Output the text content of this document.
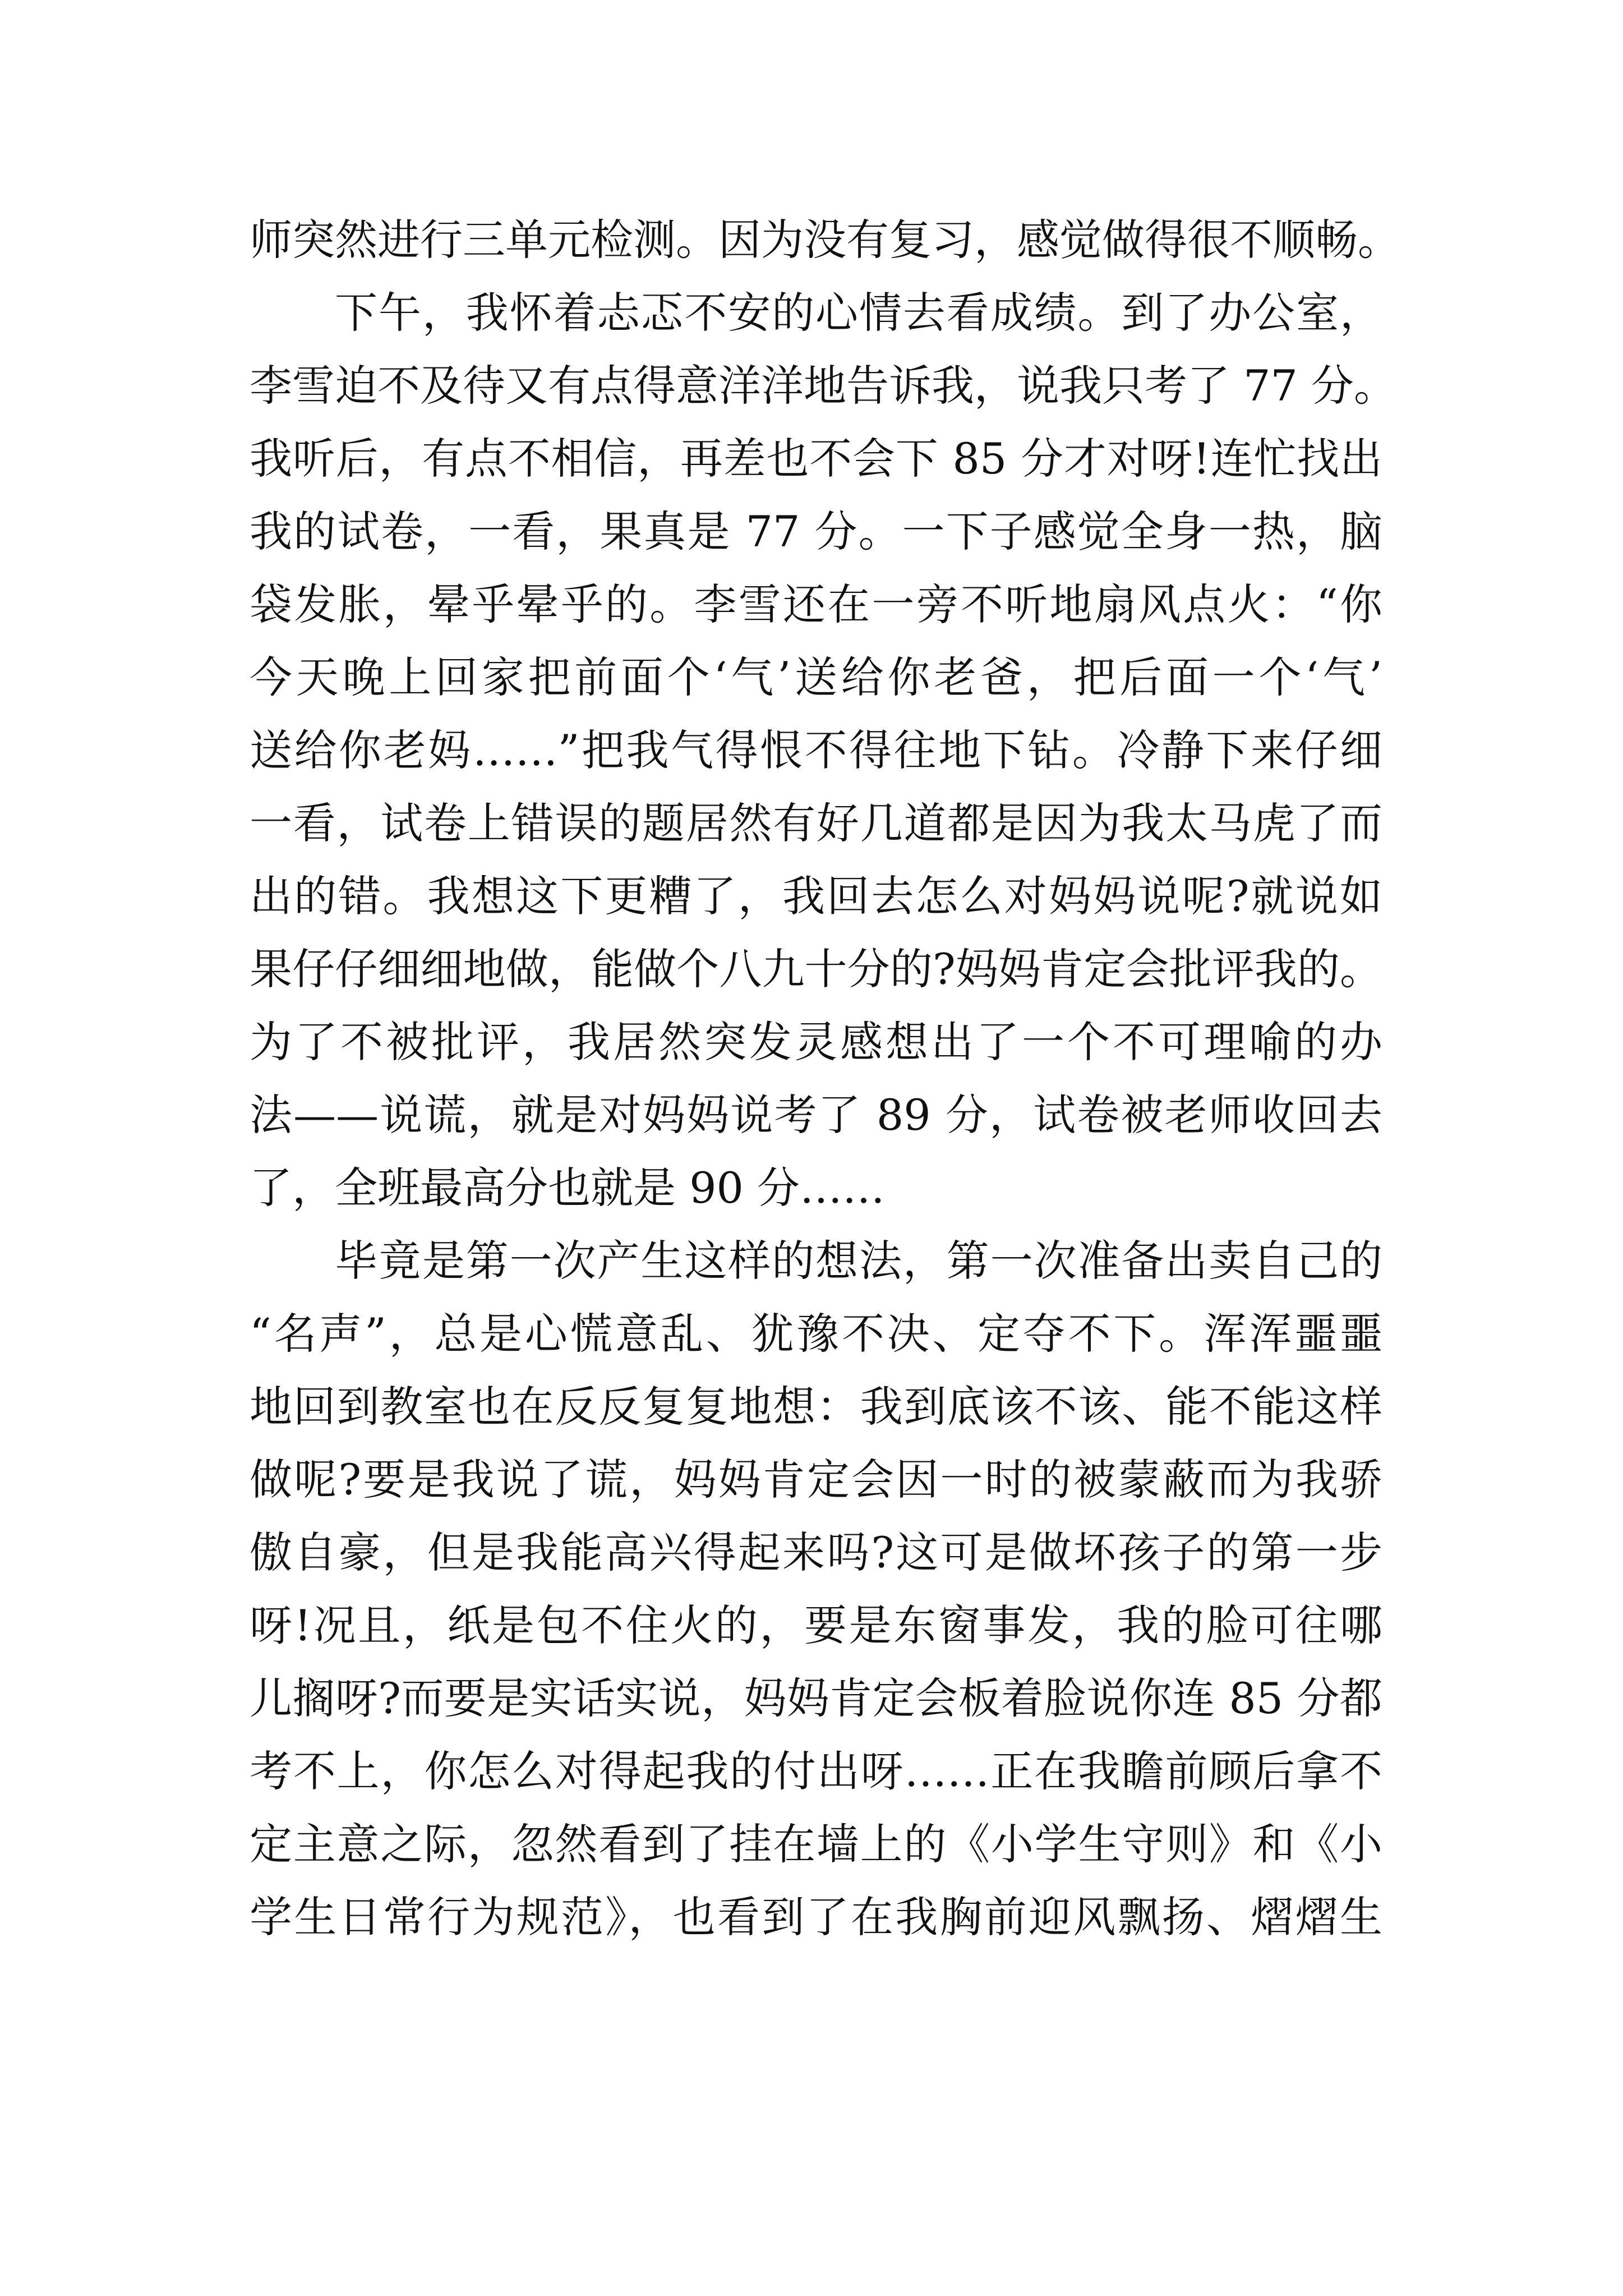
师突然进行三单元检测。因为没有复习，感觉做得很不顺畅。
下午，我怀着忐忑不安的心情去看成绩。到了办公室，
李雪迫不及待又有点得意洋洋地告诉我，说我只考了 77 分。
我听后，有点不相信，再差也不会下 85 分才对呀!连忙找出
我的试卷，一看，果真是 77 分。一下子感觉全身一热，脑
袋发胀，晕乎晕乎的。李雪还在一旁不听地扇风点火：“你
今天晚上回家把前面个‘气’送给你老爸，把后面一个‘气’
送给你老妈……”把我气得恨不得往地下钻。冷静下来仔细
一看，试卷上错误的题居然有好几道都是因为我太马虎了而
出的错。我想这下更糟了，我回去怎么对妈妈说呢?就说如
果仔仔细细地做，能做个八九十分的?妈妈肯定会批评我的。
为了不被批评，我居然突发灵感想出了一个不可理喻的办
法——说谎，就是对妈妈说考了 89 分，试卷被老师收回去
了，全班最高分也就是 90 分……
毕竟是第一次产生这样的想法，第一次准备出卖自己的
“名声”，总是心慌意乱、犹豫不决、定夺不下。浑浑噩噩
地回到教室也在反反复复地想：我到底该不该、能不能这样
做呢?要是我说了谎，妈妈肯定会因一时的被蒙蔽而为我骄
傲自豪，但是我能高兴得起来吗?这可是做坏孩子的第一步
呀!况且，纸是包不住火的，要是东窗事发，我的脸可往哪
儿搁呀?而要是实话实说，妈妈肯定会板着脸说你连 85 分都
考不上，你怎么对得起我的付出呀……正在我瞻前顾后拿不
定主意之际，忽然看到了挂在墙上的《小学生守则》和《小
学生日常行为规范》，也看到了在我胸前迎风飘扬、熠熠生
